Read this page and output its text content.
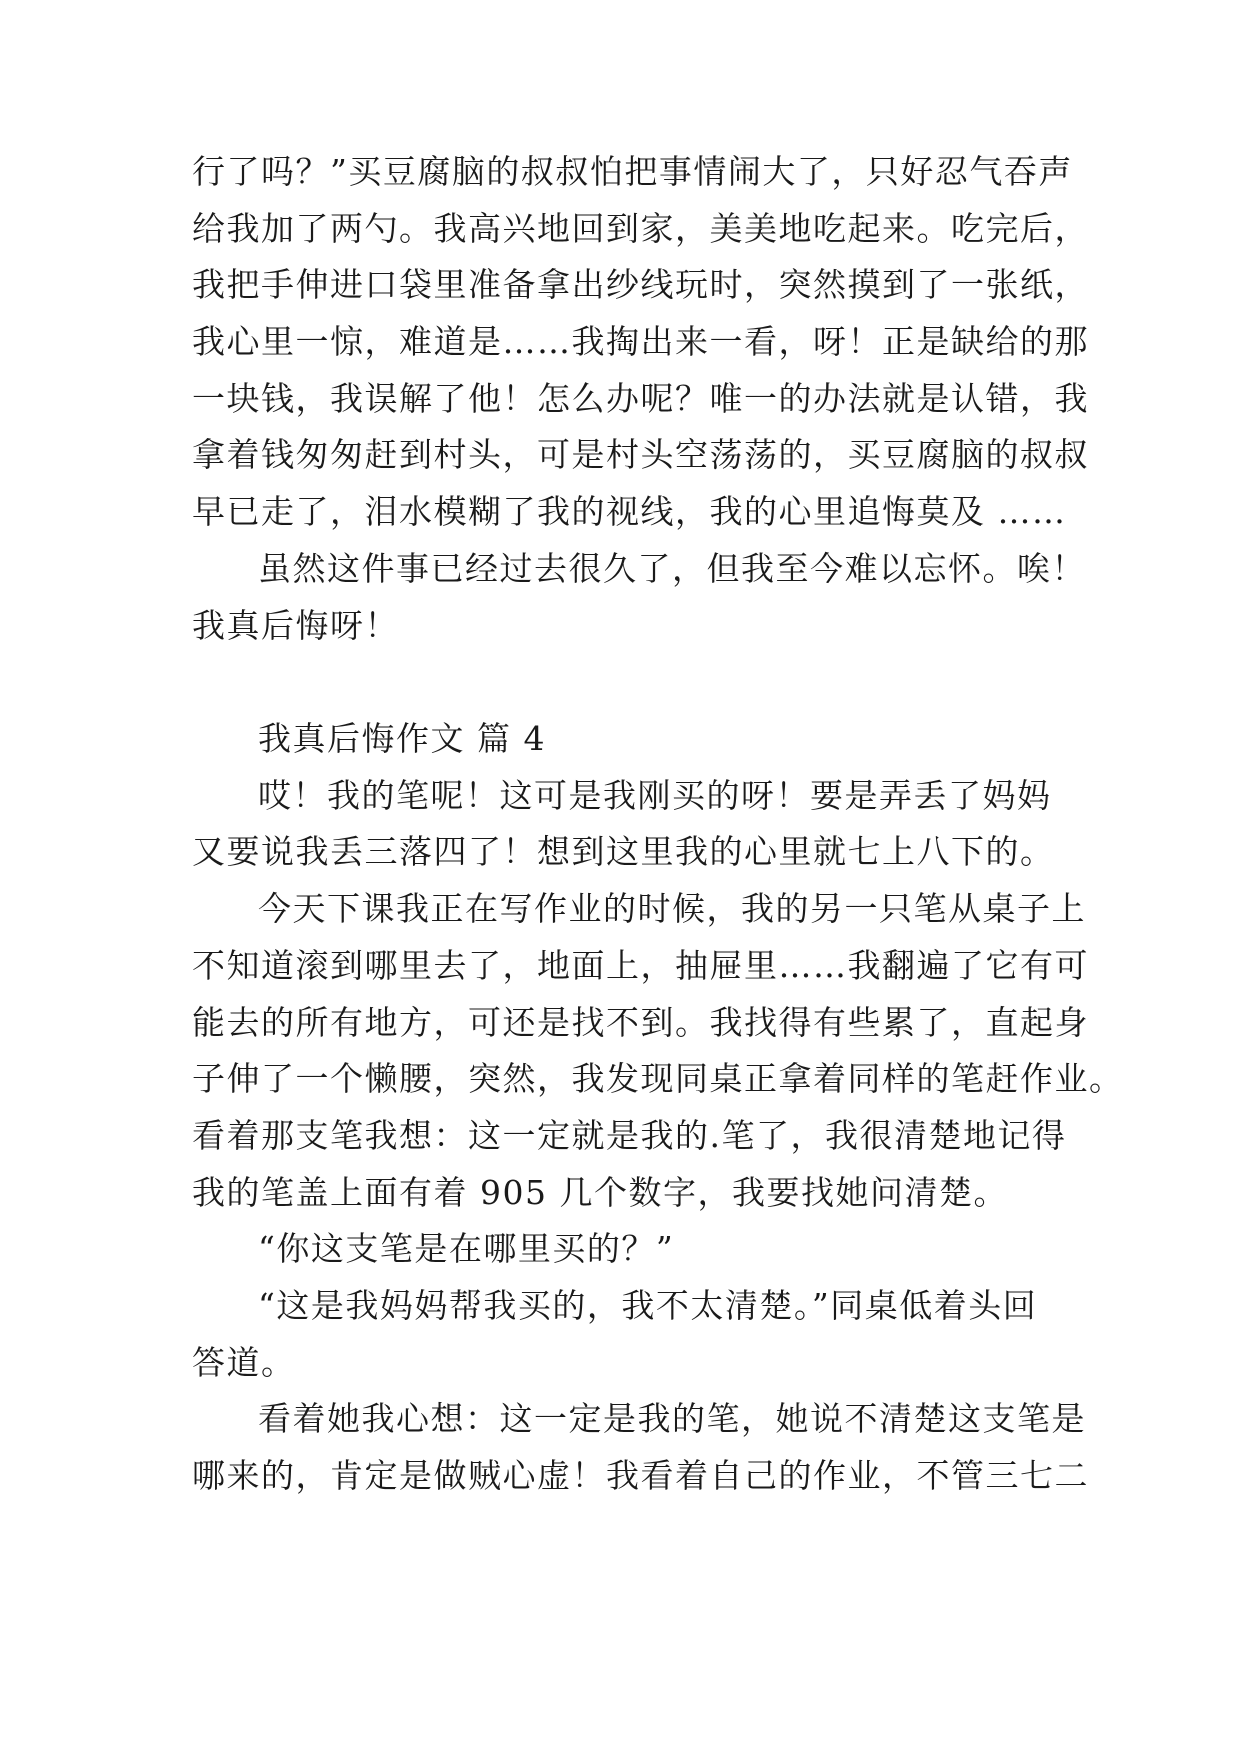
行了吗？”买豆腐脑的叔叔怕把事情闹大了，只好忍气吞声
给我加了两勺。我高兴地回到家，美美地吃起来。吃完后，
我把手伸进口袋里准备拿出纱线玩时，突然摸到了一张纸，
我心里一惊，难道是……我掏出来一看，呀！正是缺给的那
一块钱，我误解了他！怎么办呢？唯一的办法就是认错，我
拿着钱匆匆赶到村头，可是村头空荡荡的，买豆腐脑的叔叔
早已走了，泪水模糊了我的视线，我的心里追悔莫及 ……
虽然这件事已经过去很久了，但我至今难以忘怀。唉！
我真后悔呀！
我真后悔作文 篇 4
哎！我的笔呢！这可是我刚买的呀！要是弄丢了妈妈
又要说我丢三落四了！想到这里我的心里就七上八下的。
今天下课我正在写作业的时候，我的另一只笔从桌子上
不知道滚到哪里去了，地面上，抽屉里……我翻遍了它有可
能去的所有地方，可还是找不到。我找得有些累了，直起身
子伸了一个懒腰，突然，我发现同桌正拿着同样的笔赶作业。
看着那支笔我想：这一定就是我的.笔了，我很清楚地记得
我的笔盖上面有着 905 几个数字，我要找她问清楚。
“你这支笔是在哪里买的？”
“这是我妈妈帮我买的，我不太清楚。”同桌低着头回
答道。
看着她我心想：这一定是我的笔，她说不清楚这支笔是
哪来的，肯定是做贼心虚！我看着自己的作业，不管三七二
